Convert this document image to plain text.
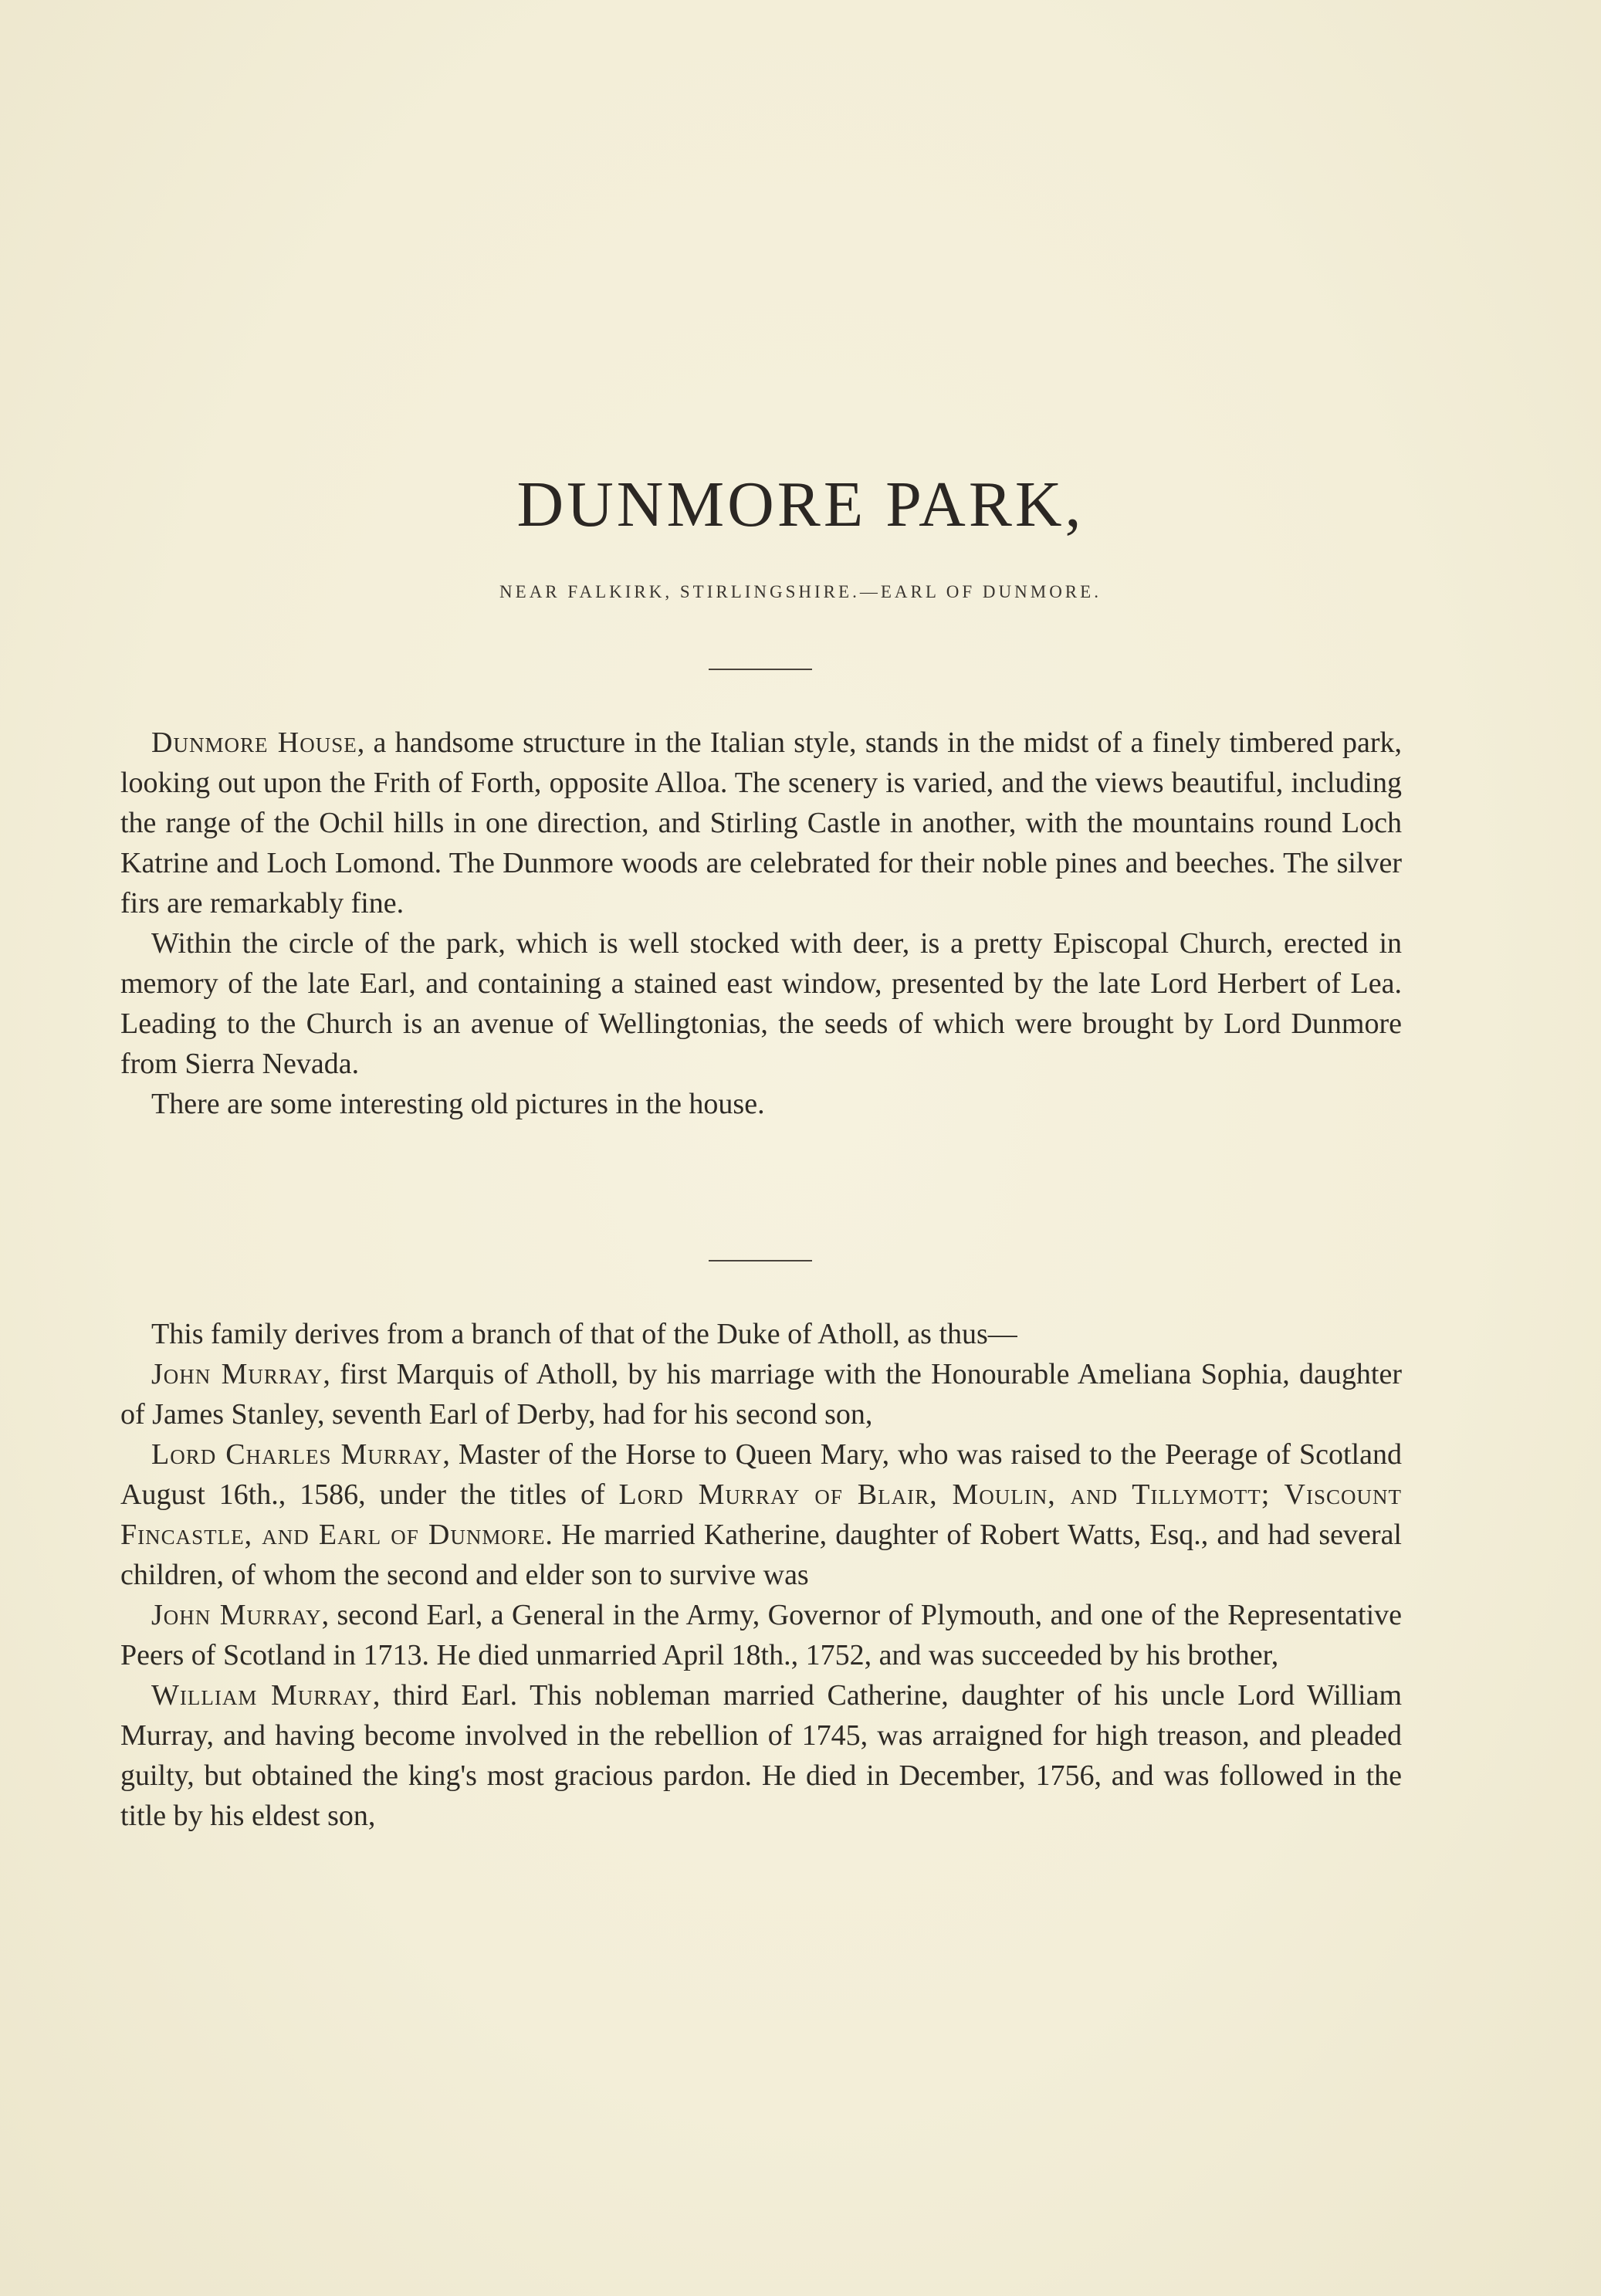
DUNMORE PARK,

NEAR FALKIRK, STIRLINGSHIRE.—EARL OF DUNMORE.

Dunmore House, a handsome structure in the Italian style, stands in the midst of a finely timbered park, looking out upon the Frith of Forth, opposite Alloa. The scenery is varied, and the views beautiful, including the range of the Ochil hills in one direction, and Stirling Castle in another, with the mountains round Loch Katrine and Loch Lomond. The Dunmore woods are celebrated for their noble pines and beeches. The silver firs are remarkably fine.

Within the circle of the park, which is well stocked with deer, is a pretty Episcopal Church, erected in memory of the late Earl, and containing a stained east window, presented by the late Lord Herbert of Lea. Leading to the Church is an avenue of Wellingtonias, the seeds of which were brought by Lord Dunmore from Sierra Nevada.

There are some interesting old pictures in the house.

This family derives from a branch of that of the Duke of Atholl, as thus—

John Murray, first Marquis of Atholl, by his marriage with the Honourable Ameliana Sophia, daughter of James Stanley, seventh Earl of Derby, had for his second son,

Lord Charles Murray, Master of the Horse to Queen Mary, who was raised to the Peerage of Scotland August 16th., 1586, under the titles of Lord Murray of Blair, Moulin, and Tillymott; Viscount Fincastle, and Earl of Dunmore. He married Katherine, daughter of Robert Watts, Esq., and had several children, of whom the second and elder son to survive was

John Murray, second Earl, a General in the Army, Governor of Plymouth, and one of the Representative Peers of Scotland in 1713. He died unmarried April 18th., 1752, and was succeeded by his brother,

William Murray, third Earl. This nobleman married Catherine, daughter of his uncle Lord William Murray, and having become involved in the rebellion of 1745, was arraigned for high treason, and pleaded guilty, but obtained the king's most gracious pardon. He died in December, 1756, and was followed in the title by his eldest son,
